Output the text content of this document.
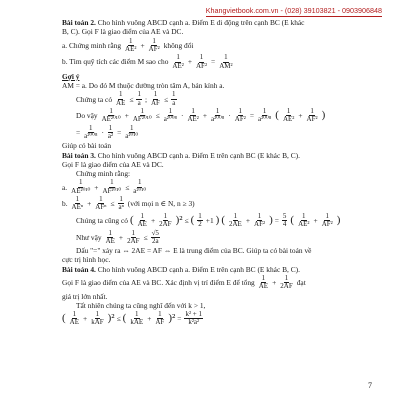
Khangvietbook.com.vn - (028) 39103821 - 0903906848

Bài toán 2. Cho hình vuông ABCD cạnh a. Điểm E di động trên cạnh BC (E khác

B, C). Gọi F là giao điểm của AE và DC.

a. Chứng minh rằng
1
AE² +
1
AF² không đổi
b. Tìm quỹ tích các điểm M sao cho
1
AE² +
1
AF² =
1
AM²

Gợi ý

AM = a. Do đó M thuộc đường tròn tâm A, bán kính a.

Chứng ta có
1
AE ≤
1
a ;
1
AF ≤
1
a
Do vậy
1
AE²⁰¹⁰ +
1
AF²⁰¹⁰ ≤
1
a²⁰⁰⁸ ·
1
AE² +
1
a²⁰⁰⁸ ·
1
AF² =
1
a²⁰⁰⁸ ( 1
AE² +
1
AF² )
=
1
a²⁰⁰⁸ ·
1
a² =
1
a²⁰¹⁰

Giúp có bài toán

Bài toán 3. Cho hình vuông ABCD cạnh a. Điểm E trên cạnh BC (E khác B, C).

Gọi F là giao điểm của AE và DC.

Chứng minh rằng:

a.
1
AE²⁰¹⁰ +
1
AF²⁰¹⁰ ≤
1
a²⁰¹⁰
b.
1
AEⁿ +
1
AFⁿ ≤
1
aⁿ (với mọi n ∈ N, n ≥ 3)
Chúng ta cũng có ( 1
AE +
1
2AF )² ≤ ( 1
2 +1 ) ( 1
2AE +
1
AF² ) =
5
4 ( 1
AE² +
1
AF² )
Như vậy
1
AE +
1
2AF ≤
√5
2a

Dấu "=" xảy ra ⇔ 2AE = AF ⇔ E là trung điểm của BC. Giúp ta có bài toán về

cực trị hình học.

Bài toán 4. Cho hình vuông ABCD cạnh a. Điểm E trên cạnh BC (E khác B, C).

Gọi F là giao điểm của AE và BC. Xác định vị trí điểm E để tổng
1
AE +
1
2AF đạt

giá trị lớn nhất.

Tất nhiên chúng ta cũng nghĩ đến với k > 1,

( 1
AE +
1
kAF )² ≤ ( 1
kAE +
1
AF )² =
k² + 1
k²a²
7
